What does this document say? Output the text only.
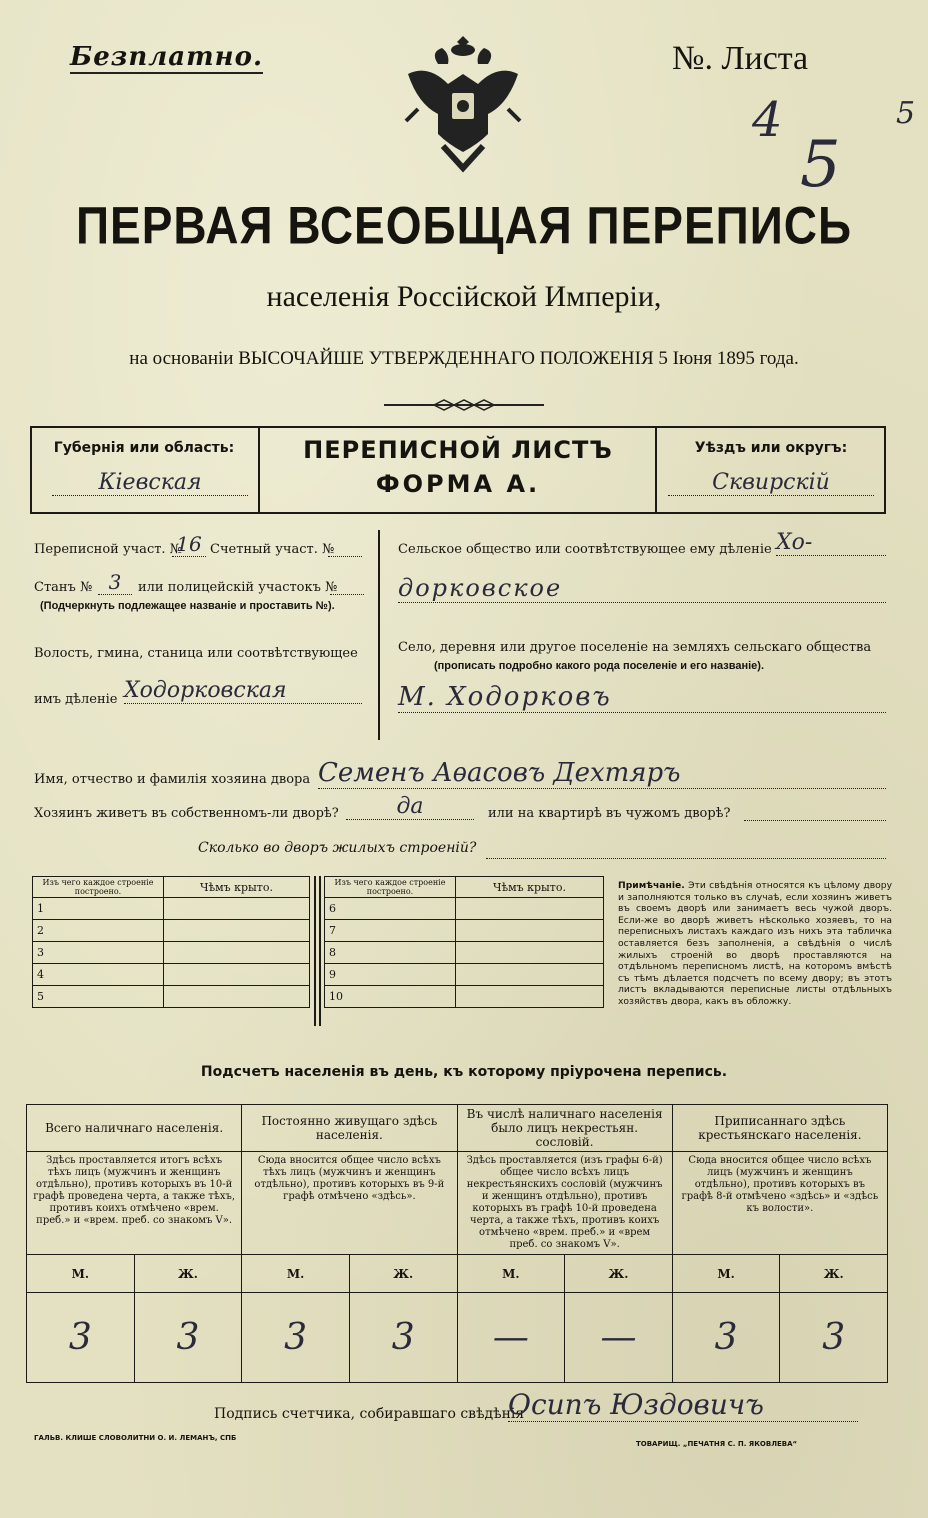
Безплатно.	№. Листа
4
5
5
ПЕРВАЯ ВСЕОБЩАЯ ПЕРЕПИСЬ
населенія Россійской Имперіи,
на основаніи ВЫСОЧАЙШЕ УТВЕРЖДЕННАГО ПОЛОЖЕНІЯ 5 Іюня 1895 года.
Губернія или область:
Кіевская
ПЕРЕПИСНОЙ ЛИСТЪ
ФОРМА А.
Уѣздъ или округъ:
Сквирскій
Переписной участ. №
16 Счетный участ. №
Станъ № 3	или полицейскій участокъ №
(Подчеркнуть подлежащее названіе и проставить №).
Волость, гмина, станица или соотвѣтствующее
имъ дѣленіе Ходорковская
Сельское общество или соотвѣтствующее ему дѣленіе Хо-
дорковское
Село, деревня или другое поселеніе на земляхъ сельскаго общества
(прописать подробно какого рода поселеніе и его названіе).
М. Ходорковъ
Имя, отчество и фамилія хозяина двора Семенъ Аѳасовъ Дехтяръ
Хозяинъ живетъ въ собственномъ-ли дворѣ?	да	или на квартирѣ въ чужомъ дворѣ?
Сколько во дворъ жилыхъ строеній?
Изъ чего каждое строеніе построено.	Чѣмъ крыто.
1	
2	
3	
4	
5	
Изъ чего каждое строеніе построено.	Чѣмъ крыто.
6	
7	
8	
9	
10	
Примѣчаніе. Эти свѣдѣнія относятся къ цѣлому двору и заполняются только въ случаѣ, если хозяинъ живетъ въ своемъ дворѣ или занимаетъ весь чужой дворъ. Если-же во дворѣ живетъ нѣсколько хозяевъ, то на переписныхъ листахъ каждаго изъ нихъ эта табличка оставляется безъ заполненія, а свѣдѣнія о числѣ жилыхъ строеній во дворѣ проставляются на отдѣльномъ переписномъ листѣ, на которомъ вмѣстѣ съ тѣмъ дѣлается подсчетъ по всему двору; въ этотъ листъ вкладываются переписные листы отдѣльныхъ хозяйствъ двора, какъ въ обложку.
Подсчетъ населенія въ день, къ которому пріурочена перепись.
Всего наличнаго населенія.		Постоянно живущаго здѣсь населенія.		Въ числѣ наличнаго населенія было лицъ некрестьян. сословій.		Приписаннаго здѣсь крестьянскаго населенія.	
Здѣсь проставляется итогъ всѣхъ тѣхъ лицъ (мужчинъ и женщинъ отдѣльно), противъ которыхъ въ 10-й графѣ проведена черта, а также тѣхъ, противъ коихъ отмѣчено «врем. преб.» и «врем. преб. со знакомъ V».		Сюда вносится общее число всѣхъ тѣхъ лицъ (мужчинъ и женщинъ отдѣльно), противъ которыхъ въ 9-й графѣ отмѣчено «здѣсь».		Здѣсь проставляется (изъ графы 6-й) общее число всѣхъ лицъ некрестьянскихъ сословій (мужчинъ и женщинъ отдѣльно), противъ которыхъ въ графѣ 10-й проведена черта, а также тѣхъ, противъ коихъ отмѣчено «врем. преб.» и «врем преб. со знакомъ V».		Сюда вносится общее число всѣхъ лицъ (мужчинъ и женщинъ отдѣльно), противъ которыхъ въ графѣ 8-й отмѣчено «здѣсь» и «здѣсь къ волости».	
М.	Ж.	М.	Ж.	М.	Ж.	М.	Ж.
3	3	3	3	—	—	3	3
Подпись счетчика, собиравшаго свѣдѣнія
Осипъ Юздовичъ
ГАЛЬВ. КЛИШЕ СЛОВОЛИТНИ О. И. ЛЕМАНЪ, СПБ
ТОВАРИЩ. „ПЕЧАТНЯ С. П. ЯКОВЛЕВА“
